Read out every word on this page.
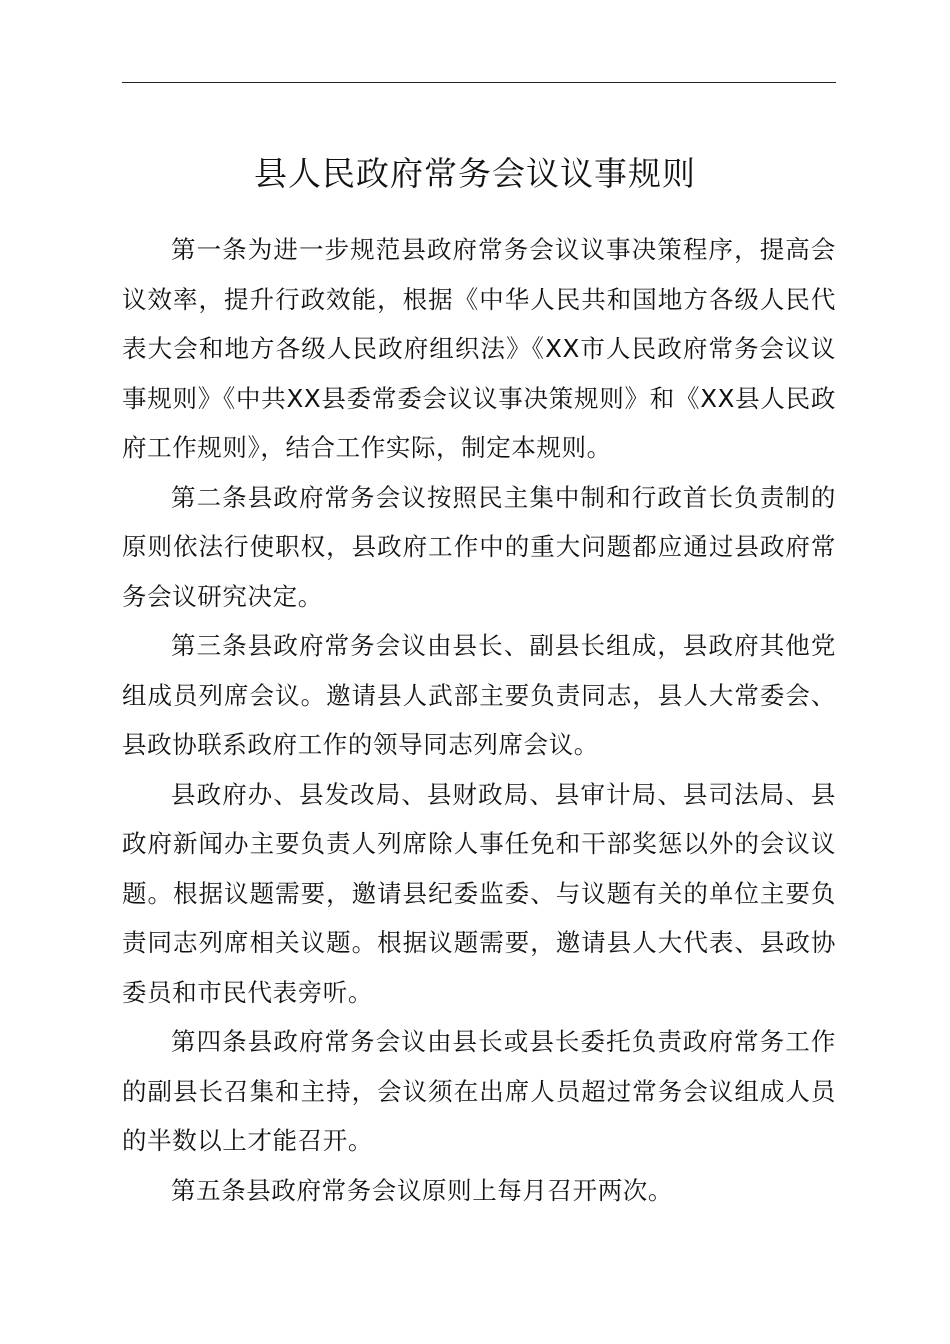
县人民政府常务会议议事规则

第一条为进一步规范县政府常务会议议事决策程序，提高会议效率，提升行政效能，根据《中华人民共和国地方各级人民代表大会和地方各级人民政府组织法》《XX市人民政府常务会议议事规则》《中共XX县委常委会议议事决策规则》和《XX县人民政府工作规则》，结合工作实际，制定本规则。

第二条县政府常务会议按照民主集中制和行政首长负责制的原则依法行使职权，县政府工作中的重大问题都应通过县政府常务会议研究决定。

第三条县政府常务会议由县长、副县长组成，县政府其他党组成员列席会议。邀请县人武部主要负责同志，县人大常委会、县政协联系政府工作的领导同志列席会议。

县政府办、县发改局、县财政局、县审计局、县司法局、县政府新闻办主要负责人列席除人事任免和干部奖惩以外的会议议题。根据议题需要，邀请县纪委监委、与议题有关的单位主要负责同志列席相关议题。根据议题需要，邀请县人大代表、县政协委员和市民代表旁听。

第四条县政府常务会议由县长或县长委托负责政府常务工作的副县长召集和主持，会议须在出席人员超过常务会议组成人员的半数以上才能召开。

第五条县政府常务会议原则上每月召开两次。
